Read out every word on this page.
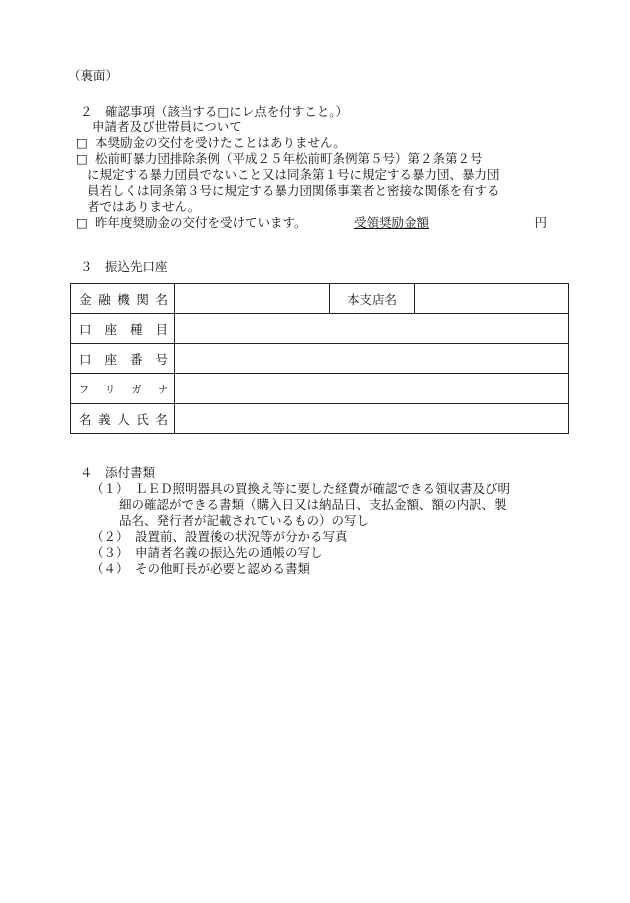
（裏面）
２　確認事項（該当する□にレ点を付すこと。）
申請者及び世帯員について
□ 本奨励金の交付を受けたことはありません。
□ 松前町暴力団排除条例（平成２５年松前町条例第５号）第２条第２号
に規定する暴力団員でないこと又は同条第１号に規定する暴力団、暴力団
員若しくは同条第３号に規定する暴力団関係事業者と密接な関係を有する
者ではありません。
□ 昨年度奨励金の交付を受けています。	受領奨励金額	円
３　振込先口座
金融機関名		本支店名	
口座種目			
口座番号			
フリガナ			
名義人氏名			
４　添付書類
（１） ＬＥＤ照明器具の買換え等に要した経費が確認できる領収書及び明
細の確認ができる書類（購入日又は納品日、支払金額、額の内訳、製
品名、発行者が記載されているもの）の写し
（２） 設置前、設置後の状況等が分かる写真
（３） 申請者名義の振込先の通帳の写し
（４） その他町長が必要と認める書類
